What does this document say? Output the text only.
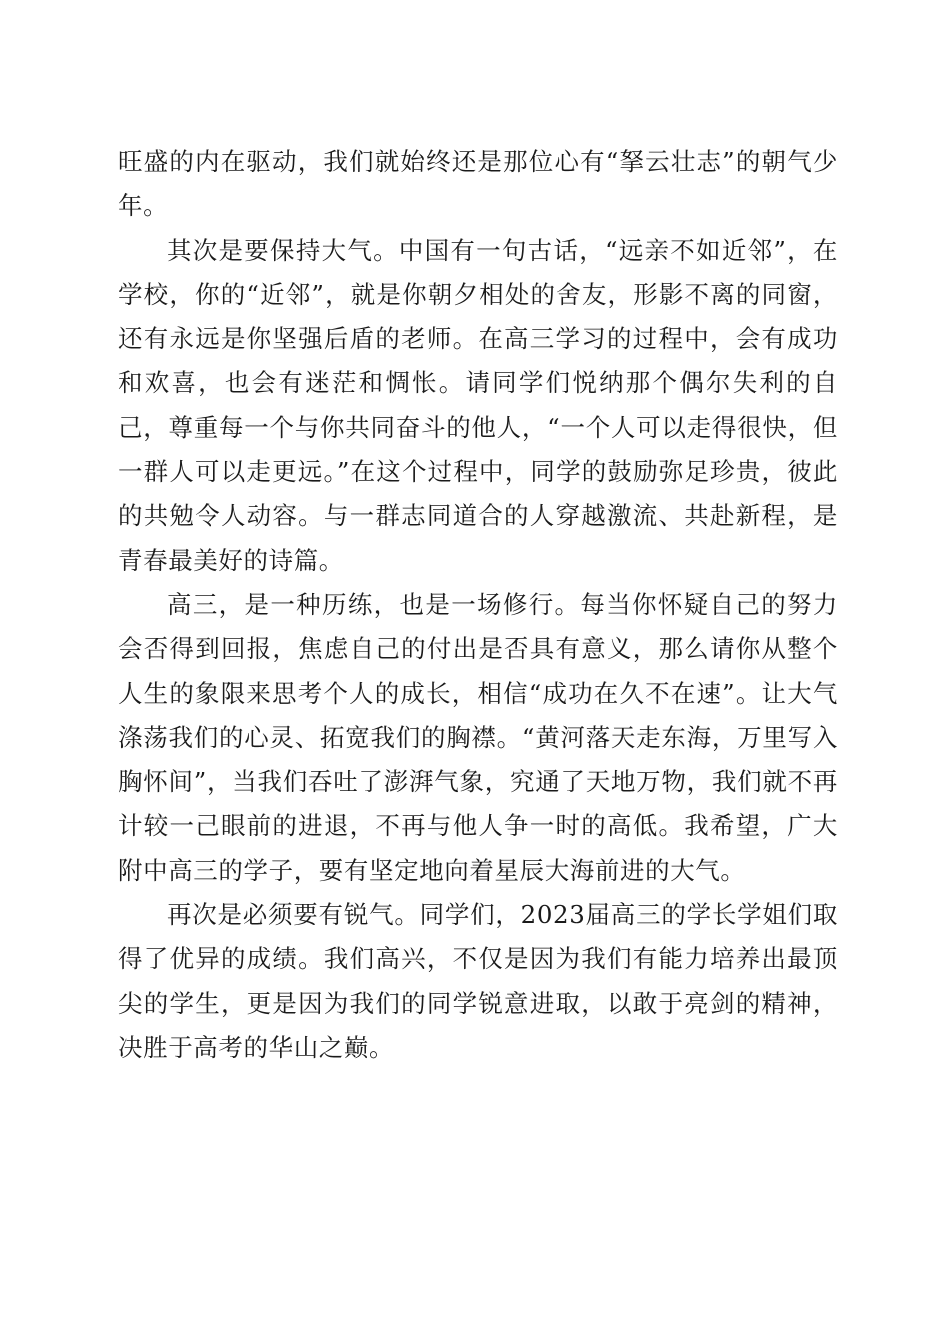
旺盛的内在驱动，我们就始终还是那位心有“拏云壮志”的朝气少年。

其次是要保持大气。中国有一句古话，“远亲不如近邻”，在学校，你的“近邻”，就是你朝夕相处的舍友，形影不离的同窗，还有永远是你坚强后盾的老师。在高三学习的过程中，会有成功和欢喜，也会有迷茫和惆怅。请同学们悦纳那个偶尔失利的自己，尊重每一个与你共同奋斗的他人，“一个人可以走得很快，但一群人可以走更远。”在这个过程中，同学的鼓励弥足珍贵，彼此的共勉令人动容。与一群志同道合的人穿越激流、共赴新程，是青春最美好的诗篇。

高三，是一种历练，也是一场修行。每当你怀疑自己的努力会否得到回报，焦虑自己的付出是否具有意义，那么请你从整个人生的象限来思考个人的成长，相信“成功在久不在速”。让大气涤荡我们的心灵、拓宽我们的胸襟。“黄河落天走东海，万里写入胸怀间”，当我们吞吐了澎湃气象，究通了天地万物，我们就不再计较一己眼前的进退，不再与他人争一时的高低。我希望，广大附中高三的学子，要有坚定地向着星辰大海前进的大气。

再次是必须要有锐气。同学们，2023届高三的学长学姐们取得了优异的成绩。我们高兴，不仅是因为我们有能力培养出最顶尖的学生，更是因为我们的同学锐意进取，以敢于亮剑的精神，决胜于高考的华山之巅。
